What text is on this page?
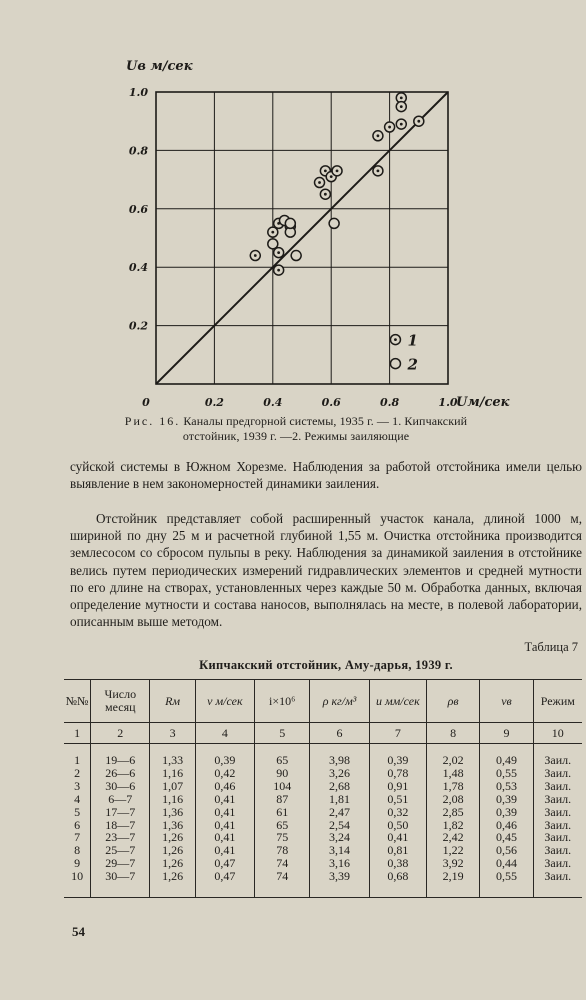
0.2	0.4	0.6	0.8	1.0
0.2
0.4
0.6
0.8
1.0
0
Uв м/сек
Uм/сек
1
2
Рис. 16. Каналы предгорной системы, 1935 г. — 1. Кипчакский отстойник, 1939 г. —2. Режимы заиляющие

суйской системы в Южном Хорезме. Наблюдения за работой отстойника имели целью выявление в нем закономерностей динамики заиления.

Отстойник представляет собой расширенный участок канала, длиной 1000 м, шириной по дну 25 м и расчетной глубиной 1,55 м. Очистка отстойника производится землесосом со сбросом пульпы в реку. Наблюдения за динамикой заиления в отстойнике велись путем периодических измерений гидравлических элементов и средней мутности по его длине на створах, установленных через каждые 50 м. Обработка данных, включая определение мутности и состава наносов, выполнялась на месте, в полевой лаборатории, описанным выше методом.

Таблица 7
Кипчакский отстойник, Аму-дарья, 1939 г.
№№	Число месяц	Rм	v м/сек	i×10⁶	ρ кг/м³	u мм/сек	ρв	vв	Режим
1	2	3	4	5	6	7	8	9	10

1	19—6	1,33	0,39	65	3,98	0,39	2,02	0,49	Заил.
2	26—6	1,16	0,42	90	3,26	0,78	1,48	0,55	Заил.
3	30—6	1,07	0,46	104	2,68	0,91	1,78	0,53	Заил.
4	6—7	1,16	0,41	87	1,81	0,51	2,08	0,39	Заил.
5	17—7	1,36	0,41	61	2,47	0,32	2,85	0,39	Заил.
6	18—7	1,36	0,41	65	2,54	0,50	1,82	0,46	Заил.
7	23—7	1,26	0,41	75	3,24	0,41	2,42	0,45	Заил.
8	25—7	1,26	0,41	78	3,14	0,81	1,22	0,56	Заил.
9	29—7	1,26	0,47	74	3,16	0,38	3,92	0,44	Заил.
10	30—7	1,26	0,47	74	3,39	0,68	2,19	0,55	Заил.
54
